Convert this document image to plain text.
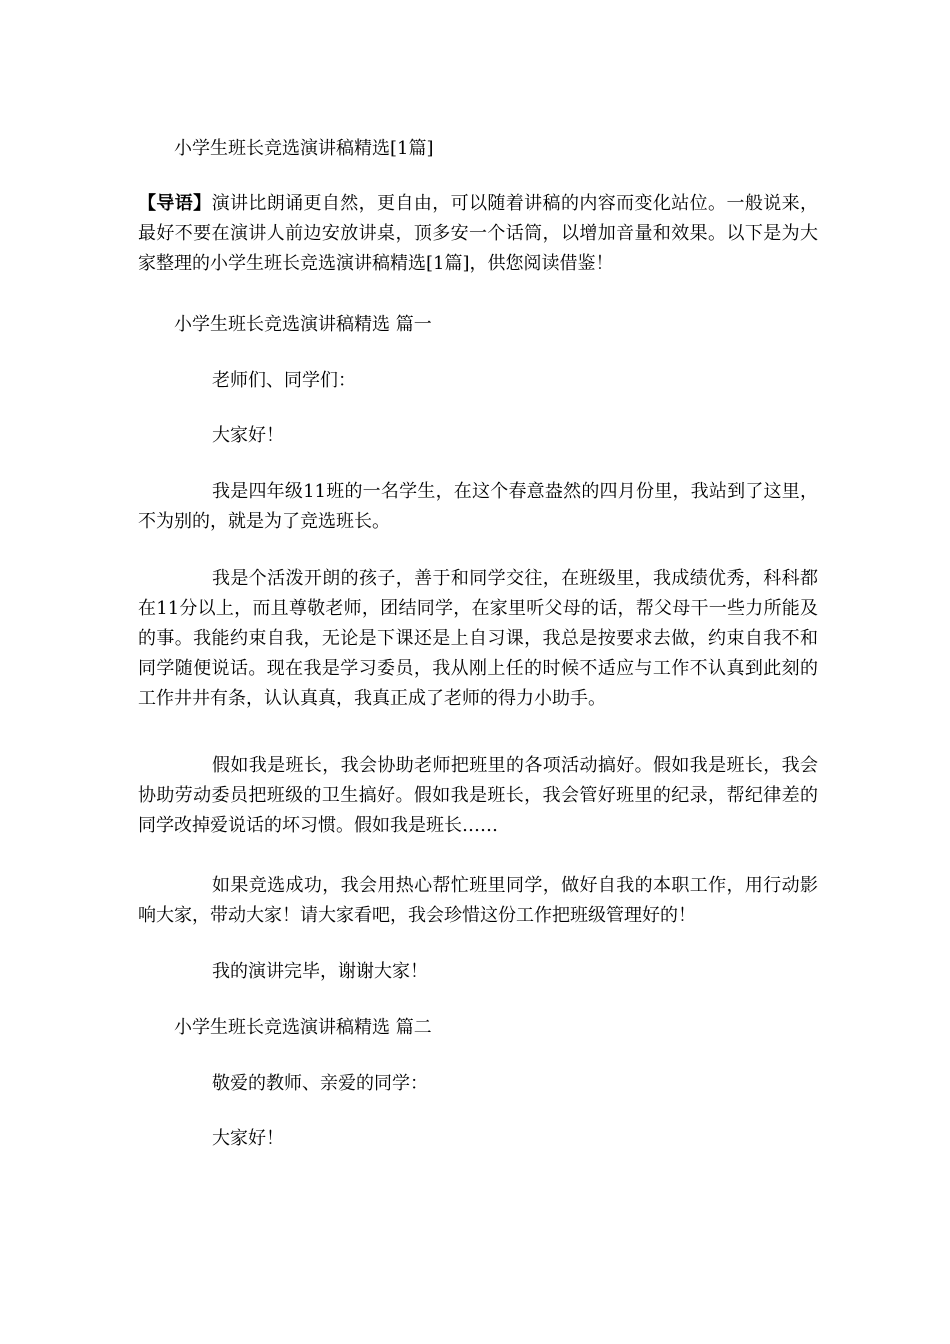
小学生班长竞选演讲稿精选[1篇]

【导语】演讲比朗诵更自然，更自由，可以随着讲稿的内容而变化站位。一般说来，最好不要在演讲人前边安放讲桌，顶多安一个话筒，以增加音量和效果。以下是为大家整理的小学生班长竞选演讲稿精选[1篇]，供您阅读借鉴！

小学生班长竞选演讲稿精选 篇一
老师们、同学们：
大家好！

我是四年级11班的一名学生，在这个春意盎然的四月份里，我站到了这里，不为别的，就是为了竞选班长。

我是个活泼开朗的孩子，善于和同学交往，在班级里，我成绩优秀，科科都在11分以上，而且尊敬老师，团结同学，在家里听父母的话，帮父母干一些力所能及的事。我能约束自我，无论是下课还是上自习课，我总是按要求去做，约束自我不和同学随便说话。现在我是学习委员，我从刚上任的时候不适应与工作不认真到此刻的工作井井有条，认认真真，我真正成了老师的得力小助手。

假如我是班长，我会协助老师把班里的各项活动搞好。假如我是班长，我会协助劳动委员把班级的卫生搞好。假如我是班长，我会管好班里的纪录，帮纪律差的同学改掉爱说话的坏习惯。假如我是班长……

如果竞选成功，我会用热心帮忙班里同学，做好自我的本职工作，用行动影响大家，带动大家！请大家看吧，我会珍惜这份工作把班级管理好的！

我的演讲完毕，谢谢大家！
小学生班长竞选演讲稿精选 篇二
敬爱的教师、亲爱的同学：
大家好！
